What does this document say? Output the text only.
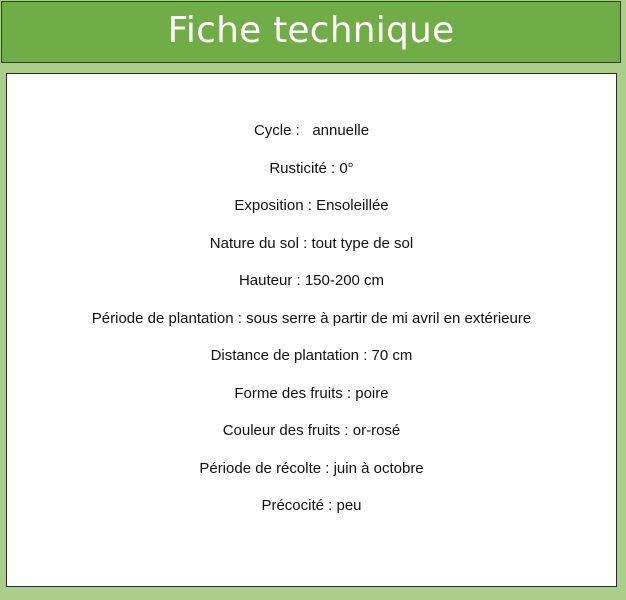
Fiche technique
Cycle : annuelle
Rusticité : 0°
Exposition : Ensoleillée
Nature du sol : tout type de sol
Hauteur : 150-200 cm
Période de plantation : sous serre à partir de mi avril en extérieure
Distance de plantation : 70 cm
Forme des fruits : poire
Couleur des fruits : or-rosé
Période de récolte : juin à octobre
Précocité : peu
